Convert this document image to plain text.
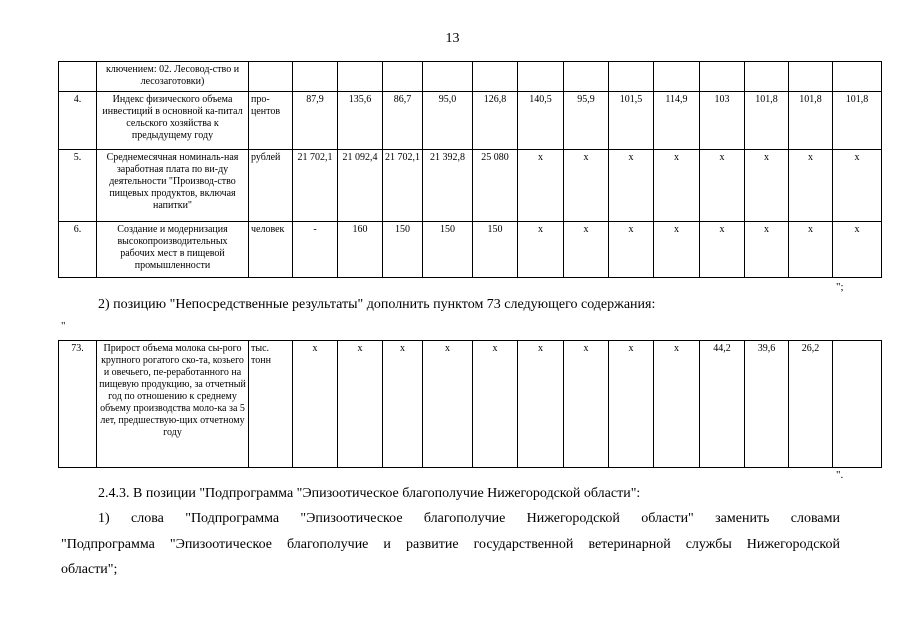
13
	ключением: 02. Лесовод-ство и лесозаготовки)														
4.	Индекс физического объема инвестиций в основной ка-питал сельского хозяйства к предыдущему году	про-центов	87,9	135,6	86,7	95,0	126,8	140,5	95,9	101,5	114,9	103	101,8	101,8	101,8
5.	Среднемесячная номиналь-ная заработная плата по ви-ду деятельности "Производ-ство пищевых продуктов, включая напитки"	рублей	21 702,1	21 092,4	21 702,1	21 392,8	25 080	x	x	x	x	x	x	x	x
6.	Создание и модернизация высокопроизводительных рабочих мест в пищевой промышленности	человек	-	160	150	150	150	x	x	x	x	x	x	x	x
";
2) позицию "Непосредственные результаты" дополнить пунктом 73 следующего содержания:
"
73.	Прирост объема молока сы-рого крупного рогатого ско-та, козьего и овечьего, пе-реработанного на пищевую продукцию, за отчетный год по отношению к среднему объему производства моло-ка за 5 лет, предшествую-щих отчетному году	тыс. тонн	x	x	x	x	x	x	x	x	x	44,2	39,6	26,2	
".
2.4.3. В позиции "Подпрограмма "Эпизоотическое благополучие Нижегородской области":
1) слова "Подпрограмма "Эпизоотическое благополучие Нижегородской области" заменить словами
"Подпрограмма "Эпизоотическое благополучие и развитие государственной ветеринарной службы Нижегородской
области";
